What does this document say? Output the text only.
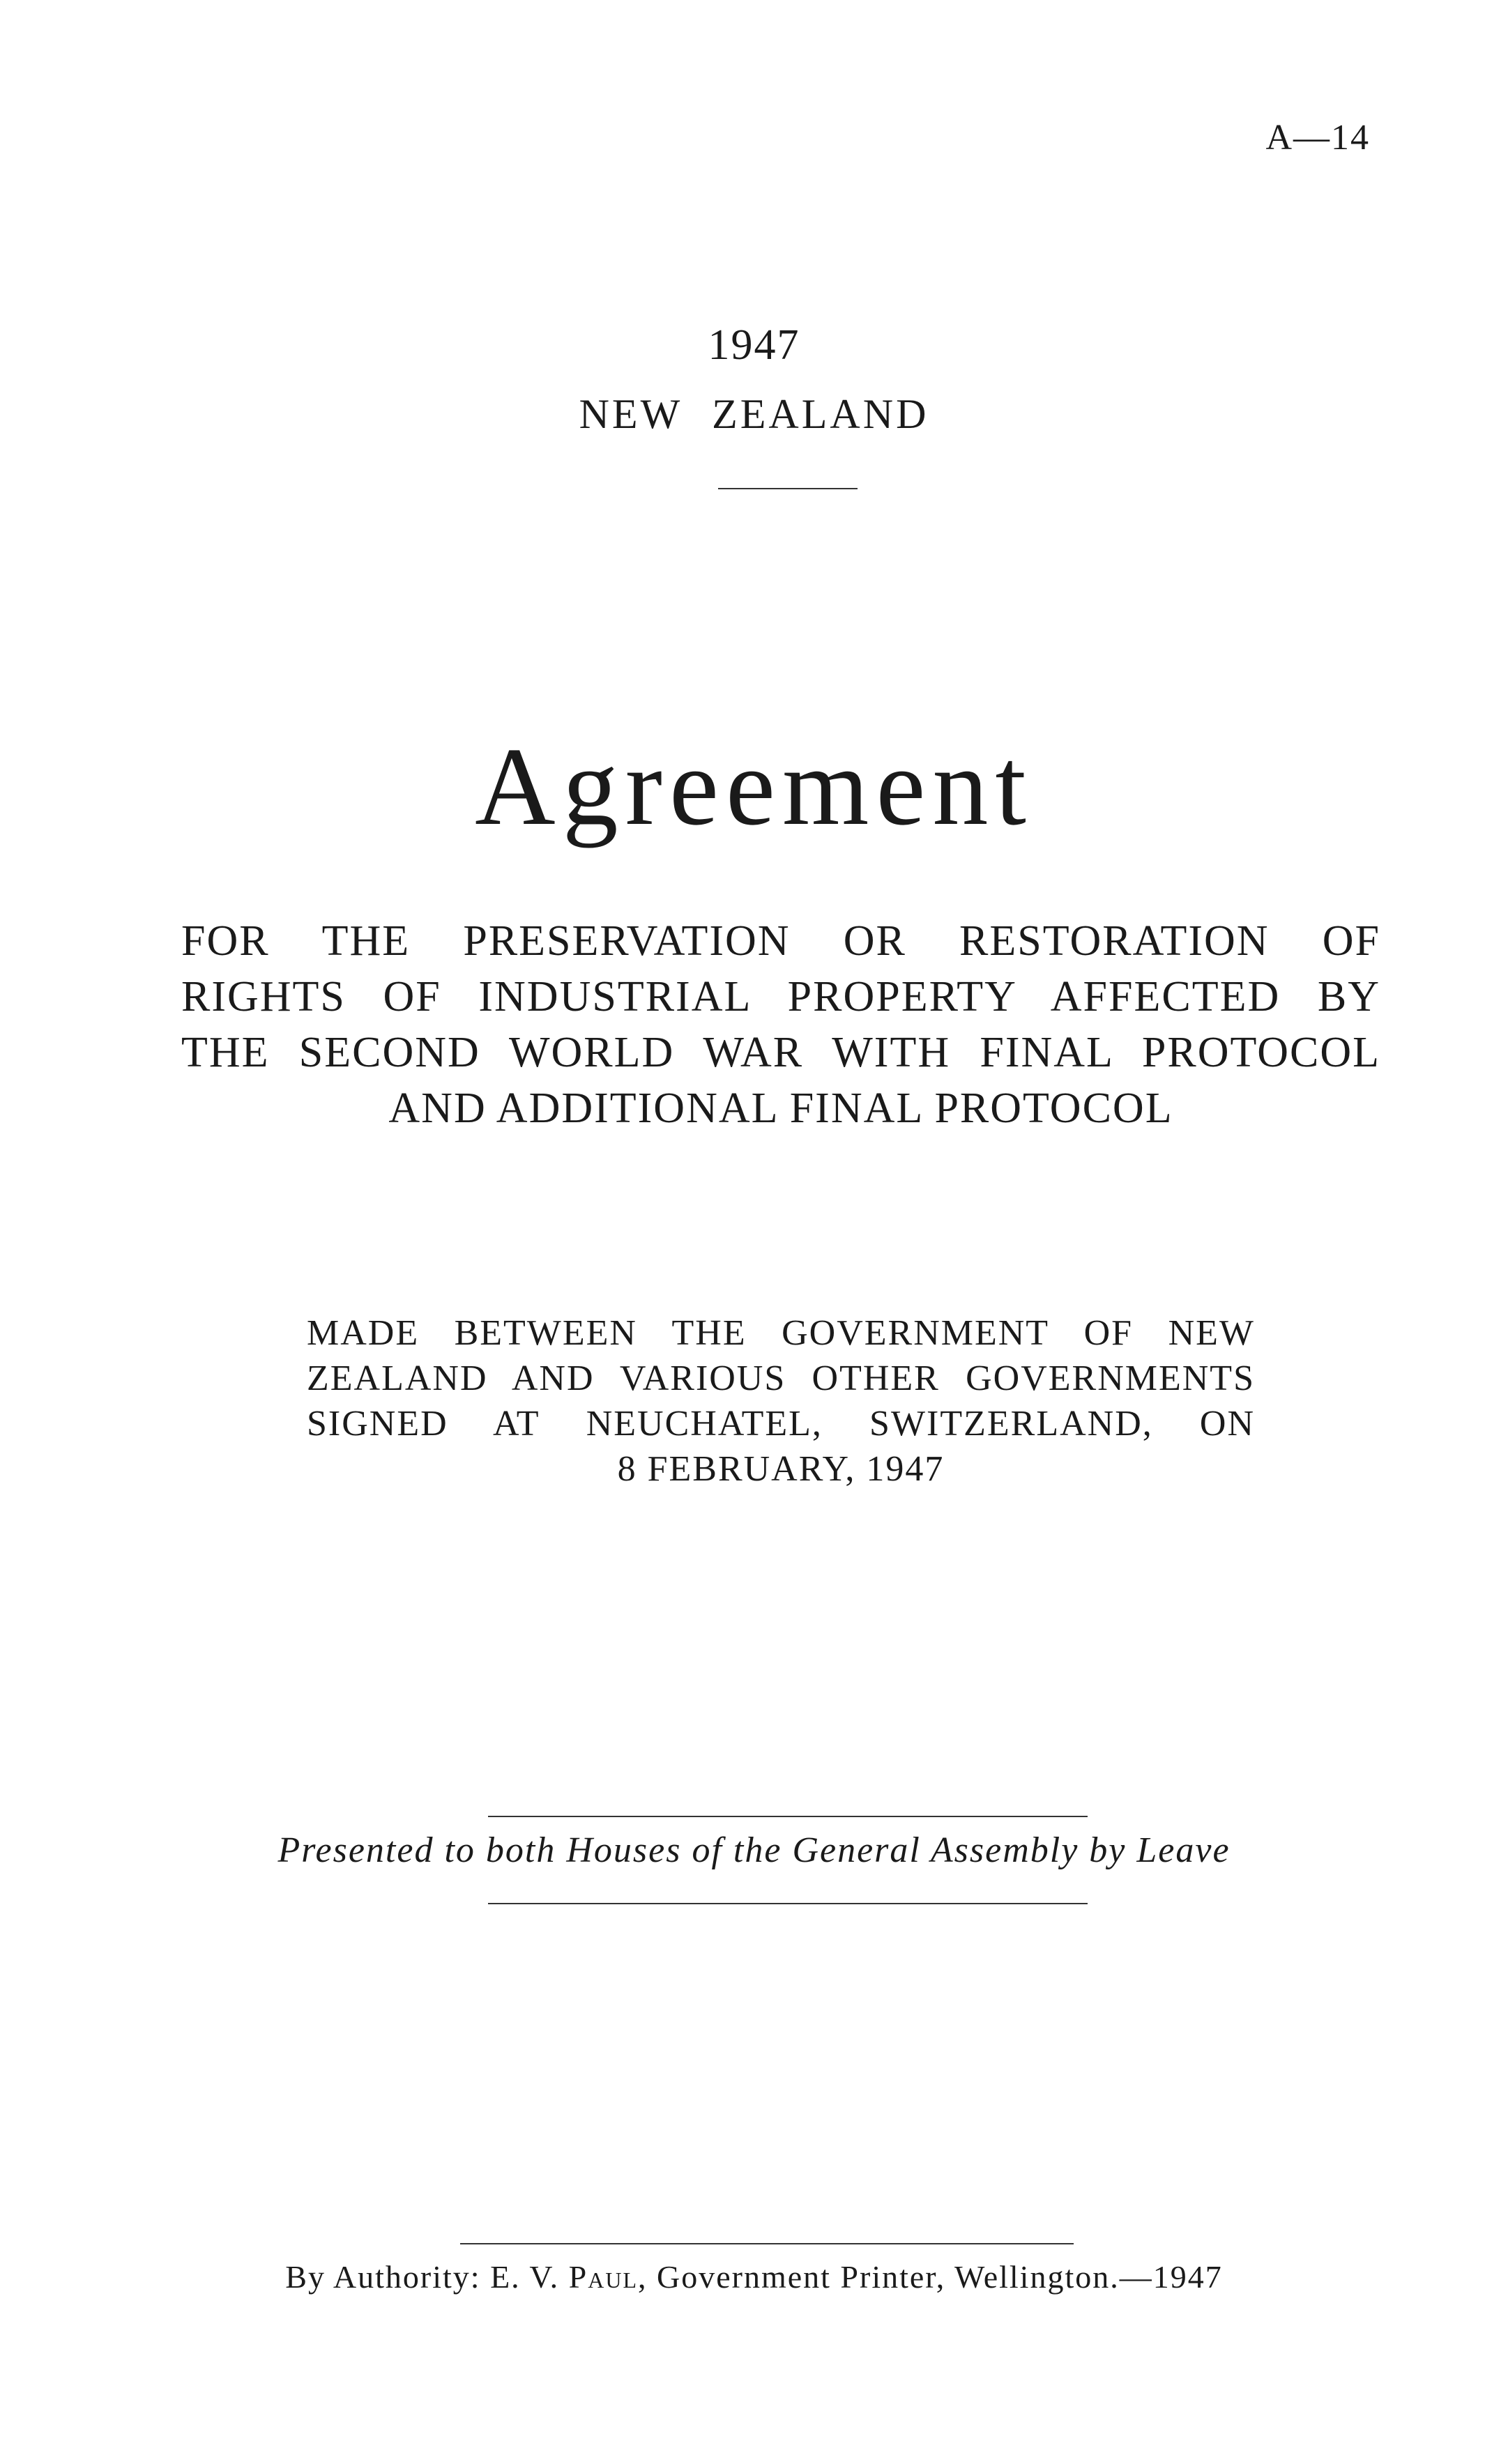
A—14
1947
NEW ZEALAND
Agreement
FOR THE PRESERVATION OR RESTORATION OF
RIGHTS OF INDUSTRIAL PROPERTY AFFECTED BY
THE SECOND WORLD WAR WITH FINAL PROTOCOL
AND ADDITIONAL FINAL PROTOCOL
MADE BETWEEN THE GOVERNMENT OF NEW
ZEALAND AND VARIOUS OTHER GOVERNMENTS
SIGNED AT NEUCHATEL, SWITZERLAND, ON
8 FEBRUARY, 1947
Presented to both Houses of the General Assembly by Leave
By Authority: E. V. Paul, Government Printer, Wellington.—1947
